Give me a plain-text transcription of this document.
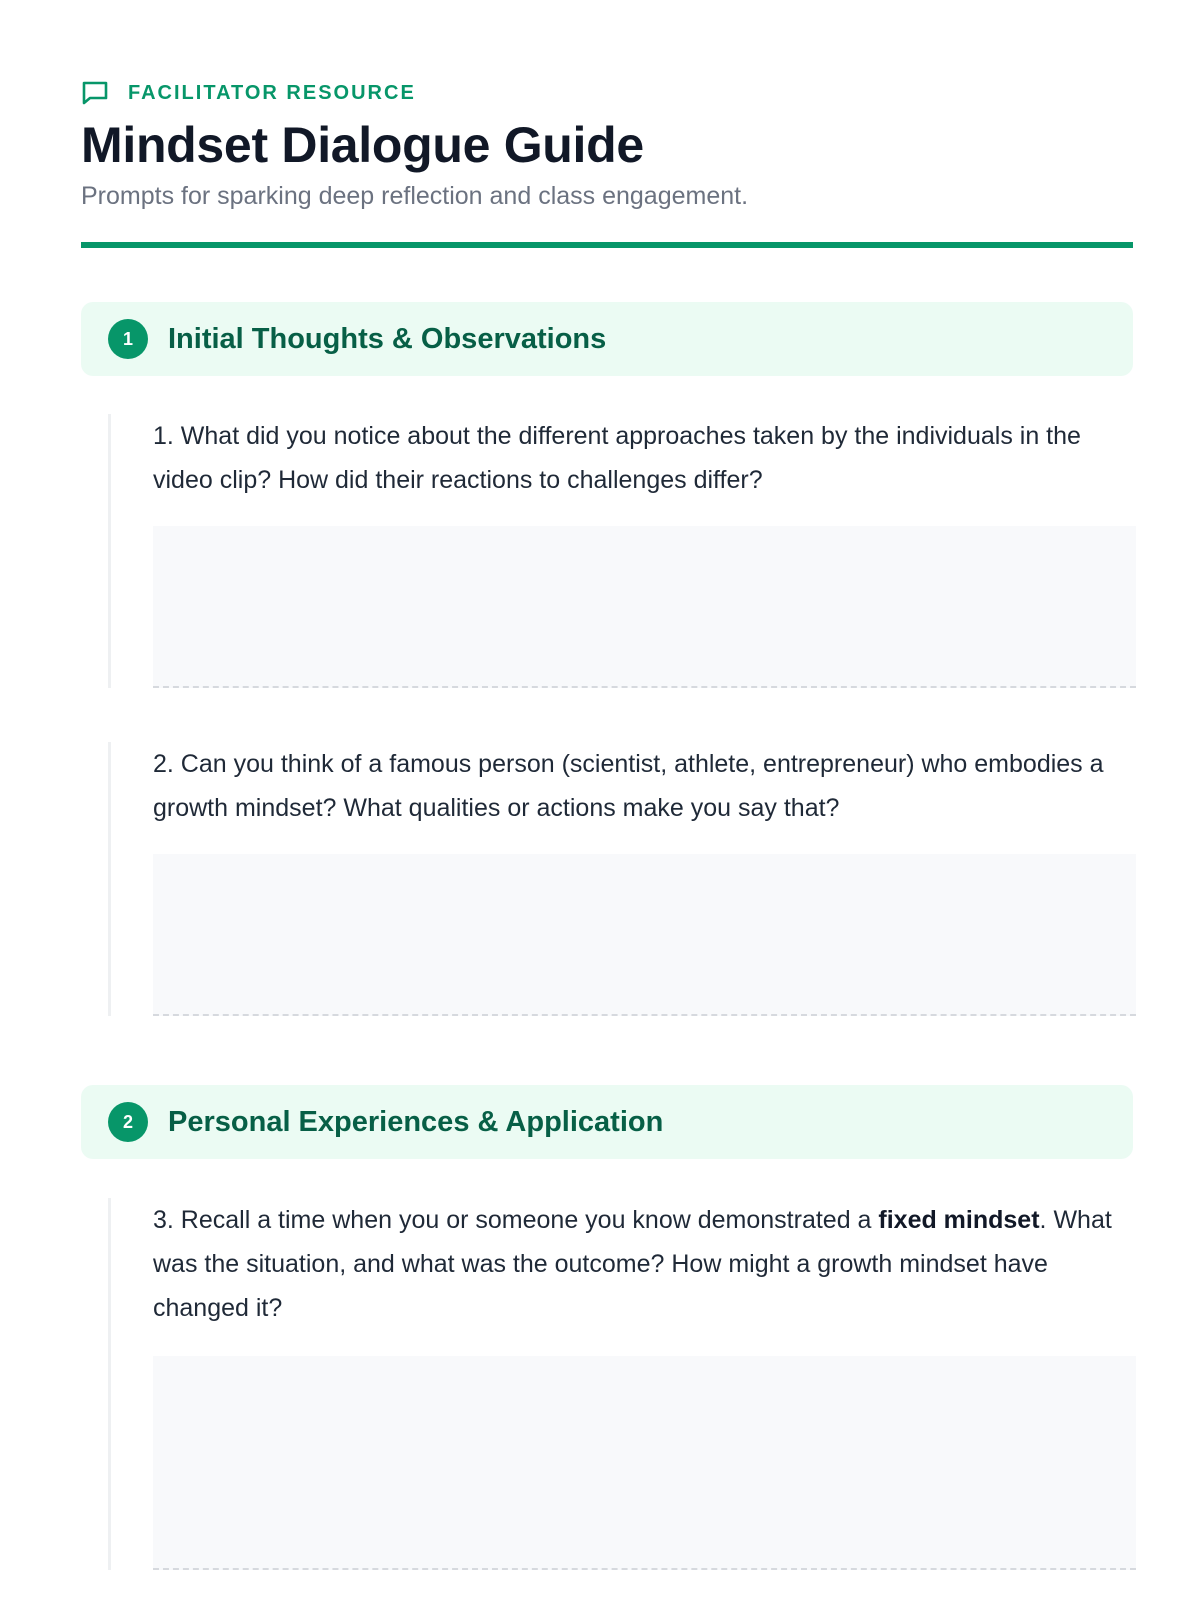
FACILITATOR RESOURCE
Mindset Dialogue Guide

Prompts for sparking deep reflection and class engagement.

1	Initial Thoughts & Observations

1. What did you notice about the different approaches taken by the individuals in the video clip? How did their reactions to challenges differ?

2. Can you think of a famous person (scientist, athlete, entrepreneur) who embodies a growth mindset? What qualities or actions make you say that?

2	Personal Experiences & Application

3. Recall a time when you or someone you know demonstrated a fixed mindset. What was the situation, and what was the outcome? How might a growth mindset have changed it?
